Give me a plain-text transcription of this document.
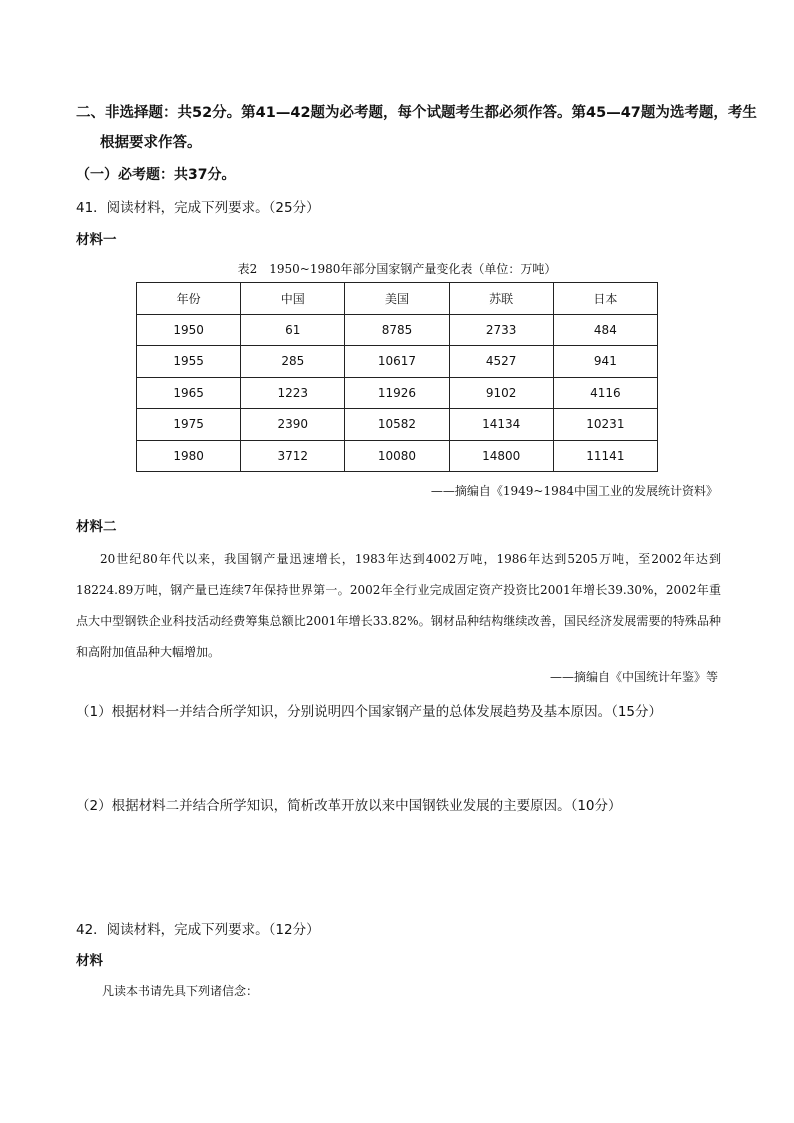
二、非选择题：共52分。第41—42题为必考题，每个试题考生都必须作答。第45—47题为选考题，考生
根据要求作答。
（一）必考题：共37分。
41．阅读材料，完成下列要求。（25分）
材料一
表2　1950~1980年部分国家钢产量变化表（单位：万吨）
年份	中国	美国	苏联	日本
1950	61	8785	2733	484
1955	285	10617	4527	941
1965	1223	11926	9102	4116
1975	2390	10582	14134	10231
1980	3712	10080	14800	11141
——摘编自《1949~1984中国工业的发展统计资料》
材料二
20世纪80年代以来，我国钢产量迅速增长，1983年达到4002万吨，1986年达到5205万吨，至2002年达到18224.89万吨，钢产量已连续7年保持世界第一。2002年全行业完成固定资产投资比2001年增长39.30%，2002年重点大中型钢铁企业科技活动经费筹集总额比2001年增长33.82%。钢材品种结构继续改善，国民经济发展需要的特殊品种和高附加值品种大幅增加。
——摘编自《中国统计年鉴》等
（1）根据材料一并结合所学知识，分别说明四个国家钢产量的总体发展趋势及基本原因。（15分）
（2）根据材料二并结合所学知识，简析改革开放以来中国钢铁业发展的主要原因。（10分）
42．阅读材料，完成下列要求。（12分）
材料
凡读本书请先具下列诸信念：
